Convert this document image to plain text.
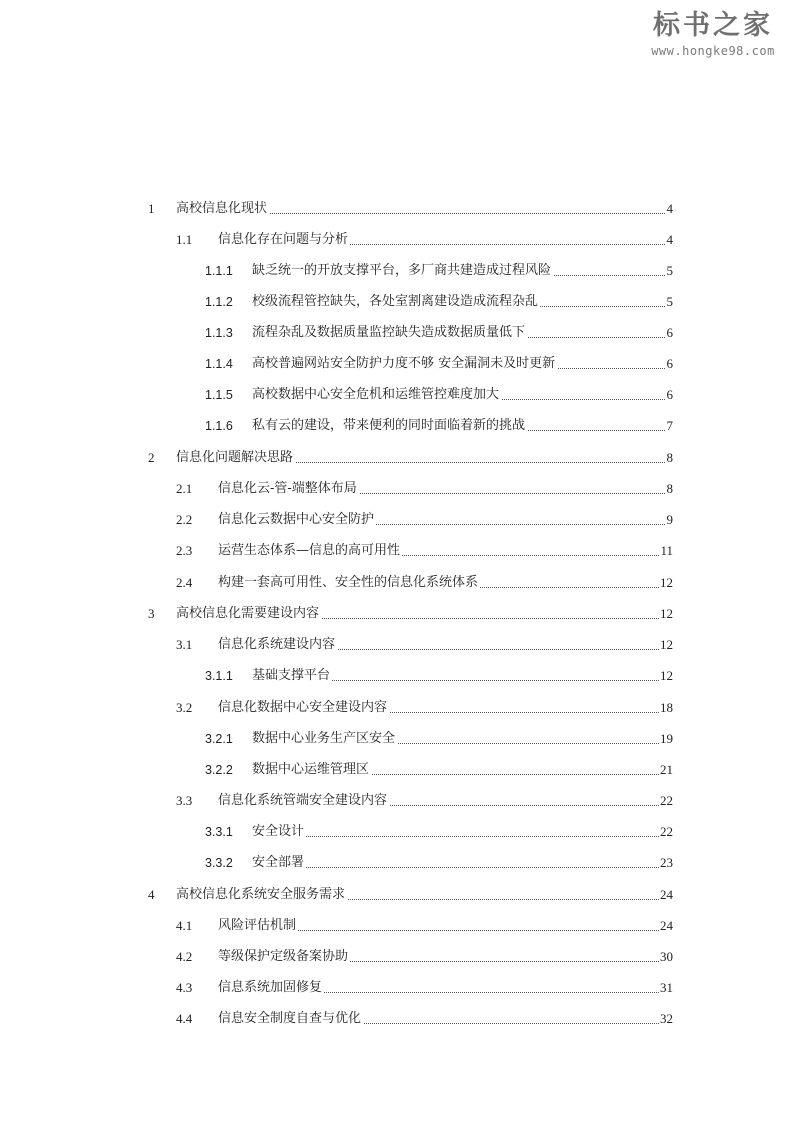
标书之家
www.hongke98.com
1 高校信息化现状	4
1.1 信息化存在问题与分析	4
1.1.1 缺乏统一的开放支撑平台，多厂商共建造成过程风险	5
1.1.2 校级流程管控缺失，各处室割离建设造成流程杂乱	5
1.1.3 流程杂乱及数据质量监控缺失造成数据质量低下	6
1.1.4 高校普遍网站安全防护力度不够 安全漏洞未及时更新	6
1.1.5 高校数据中心安全危机和运维管控难度加大	6
1.1.6 私有云的建设，带来便利的同时面临着新的挑战	7
2 信息化问题解决思路	8
2.1 信息化云-管-端整体布局	8
2.2 信息化云数据中心安全防护	9
2.3 运营生态体系—信息的高可用性	11
2.4 构建一套高可用性、安全性的信息化系统体系	12
3 高校信息化需要建设内容	12
3.1 信息化系统建设内容	12
3.1.1 基础支撑平台	12
3.2 信息化数据中心安全建设内容	18
3.2.1 数据中心业务生产区安全	19
3.2.2 数据中心运维管理区	21
3.3 信息化系统管端安全建设内容	22
3.3.1 安全设计	22
3.3.2 安全部署	23
4 高校信息化系统安全服务需求	24
4.1 风险评估机制	24
4.2 等级保护定级备案协助	30
4.3 信息系统加固修复	31
4.4 信息安全制度自查与优化	32
